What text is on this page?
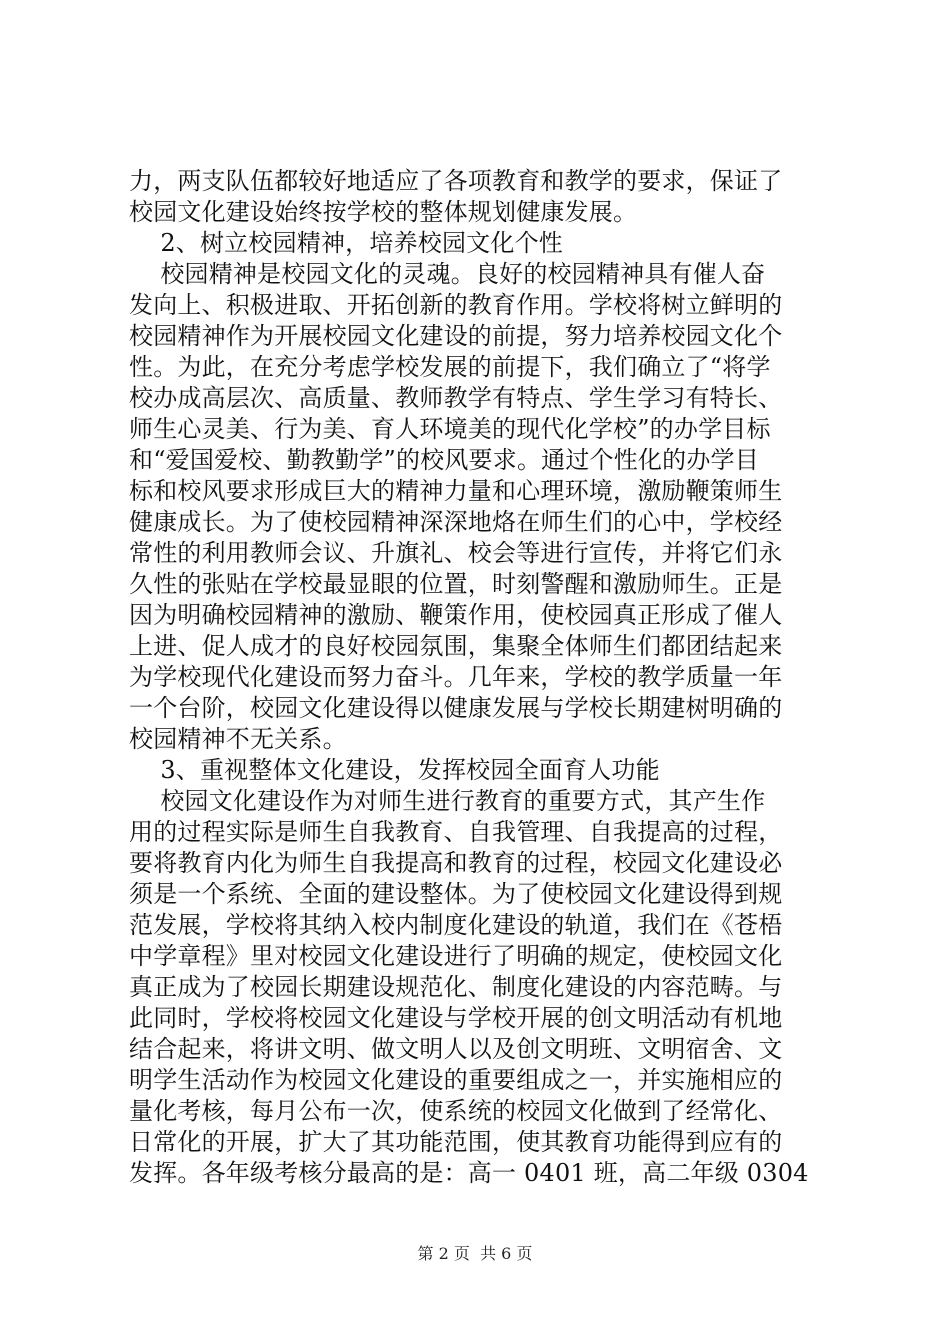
力，两支队伍都较好地适应了各项教育和教学的要求，保证了
校园文化建设始终按学校的整体规划健康发展。
2、树立校园精神，培养校园文化个性
校园精神是校园文化的灵魂。良好的校园精神具有催人奋
发向上、积极进取、开拓创新的教育作用。学校将树立鲜明的
校园精神作为开展校园文化建设的前提，努力培养校园文化个
性。为此，在充分考虑学校发展的前提下，我们确立了“将学
校办成高层次、高质量、教师教学有特点、学生学习有特长、
师生心灵美、行为美、育人环境美的现代化学校”的办学目标
和“爱国爱校、勤教勤学”的校风要求。通过个性化的办学目
标和校风要求形成巨大的精神力量和心理环境，激励鞭策师生
健康成长。为了使校园精神深深地烙在师生们的心中，学校经
常性的利用教师会议、升旗礼、校会等进行宣传，并将它们永
久性的张贴在学校最显眼的位置，时刻警醒和激励师生。正是
因为明确校园精神的激励、鞭策作用，使校园真正形成了催人
上进、促人成才的良好校园氛围，集聚全体师生们都团结起来
为学校现代化建设而努力奋斗。几年来，学校的教学质量一年
一个台阶，校园文化建设得以健康发展与学校长期建树明确的
校园精神不无关系。
3、重视整体文化建设，发挥校园全面育人功能
校园文化建设作为对师生进行教育的重要方式，其产生作
用的过程实际是师生自我教育、自我管理、自我提高的过程，
要将教育内化为师生自我提高和教育的过程，校园文化建设必
须是一个系统、全面的建设整体。为了使校园文化建设得到规
范发展，学校将其纳入校内制度化建设的轨道，我们在《苍梧
中学章程》里对校园文化建设进行了明确的规定，使校园文化
真正成为了校园长期建设规范化、制度化建设的内容范畴。与
此同时，学校将校园文化建设与学校开展的创文明活动有机地
结合起来，将讲文明、做文明人以及创文明班、文明宿舍、文
明学生活动作为校园文化建设的重要组成之一，并实施相应的
量化考核，每月公布一次，使系统的校园文化做到了经常化、
日常化的开展，扩大了其功能范围，使其教育功能得到应有的
发挥。各年级考核分最高的是：高一 0401 班，高二年级 0304
第 2 页  共 6 页
